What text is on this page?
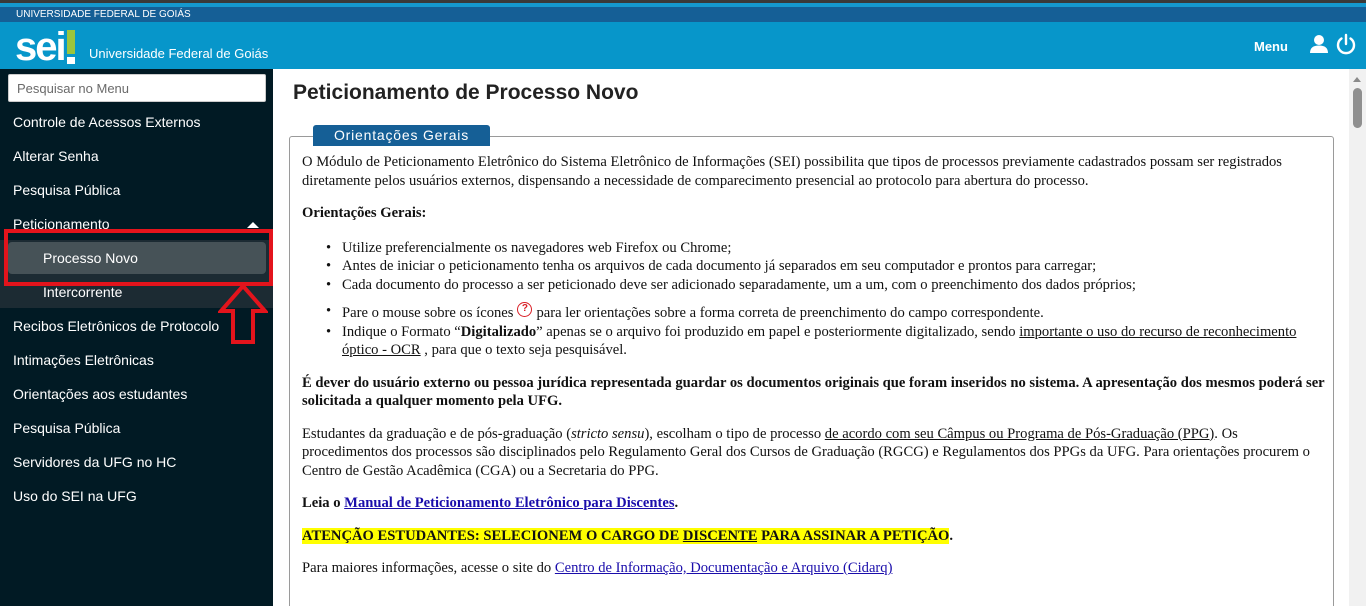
UNIVERSIDADE FEDERAL DE GOIÁS
sei Universidade Federal de Goiás	Menu
Pesquisar no Menu
Controle de Acessos Externos
Alterar Senha
Pesquisa Pública
Peticionamento
Processo Novo
Intercorrente
Recibos Eletrônicos de Protocolo
Intimações Eletrônicas
Orientações aos estudantes
Pesquisa Pública
Servidores da UFG no HC
Uso do SEI na UFG
Peticionamento de Processo Novo
Orientações Gerais

O Módulo de Peticionamento Eletrônico do Sistema Eletrônico de Informações (SEI) possibilita que tipos de processos previamente cadastrados possam ser registrados diretamente pelos usuários externos, dispensando a necessidade de comparecimento presencial ao protocolo para abertura do processo.

Orientações Gerais:

• Utilize preferencialmente os navegadores web Firefox ou Chrome;
• Antes de iniciar o peticionamento tenha os arquivos de cada documento já separados em seu computador e prontos para carregar;
• Cada documento do processo a ser peticionado deve ser adicionado separadamente, um a um, com o preenchimento dos dados próprios;
• Pare o mouse sobre os ícones ? para ler orientações sobre a forma correta de preenchimento do campo correspondente.
• Indique o Formato “Digitalizado” apenas se o arquivo foi produzido em papel e posteriormente digitalizado, sendo importante o uso do recurso de reconhecimento óptico - OCR , para que o texto seja pesquisável.

É dever do usuário externo ou pessoa jurídica representada guardar os documentos originais que foram inseridos no sistema. A apresentação dos mesmos poderá ser solicitada a qualquer momento pela UFG.

Estudantes da graduação e de pós-graduação (stricto sensu), escolham o tipo de processo de acordo com seu Câmpus ou Programa de Pós-Graduação (PPG). Os procedimentos dos processos são disciplinados pelo Regulamento Geral dos Cursos de Graduação (RGCG) e Regulamentos dos PPGs da UFG. Para orientações procurem o Centro de Gestão Acadêmica (CGA) ou a Secretaria do PPG.

Leia o Manual de Peticionamento Eletrônico para Discentes.

ATENÇÃO ESTUDANTES: SELECIONEM O CARGO DE DISCENTE PARA ASSINAR A PETIÇÃO.

Para maiores informações, acesse o site do Centro de Informação, Documentação e Arquivo (Cidarq)
